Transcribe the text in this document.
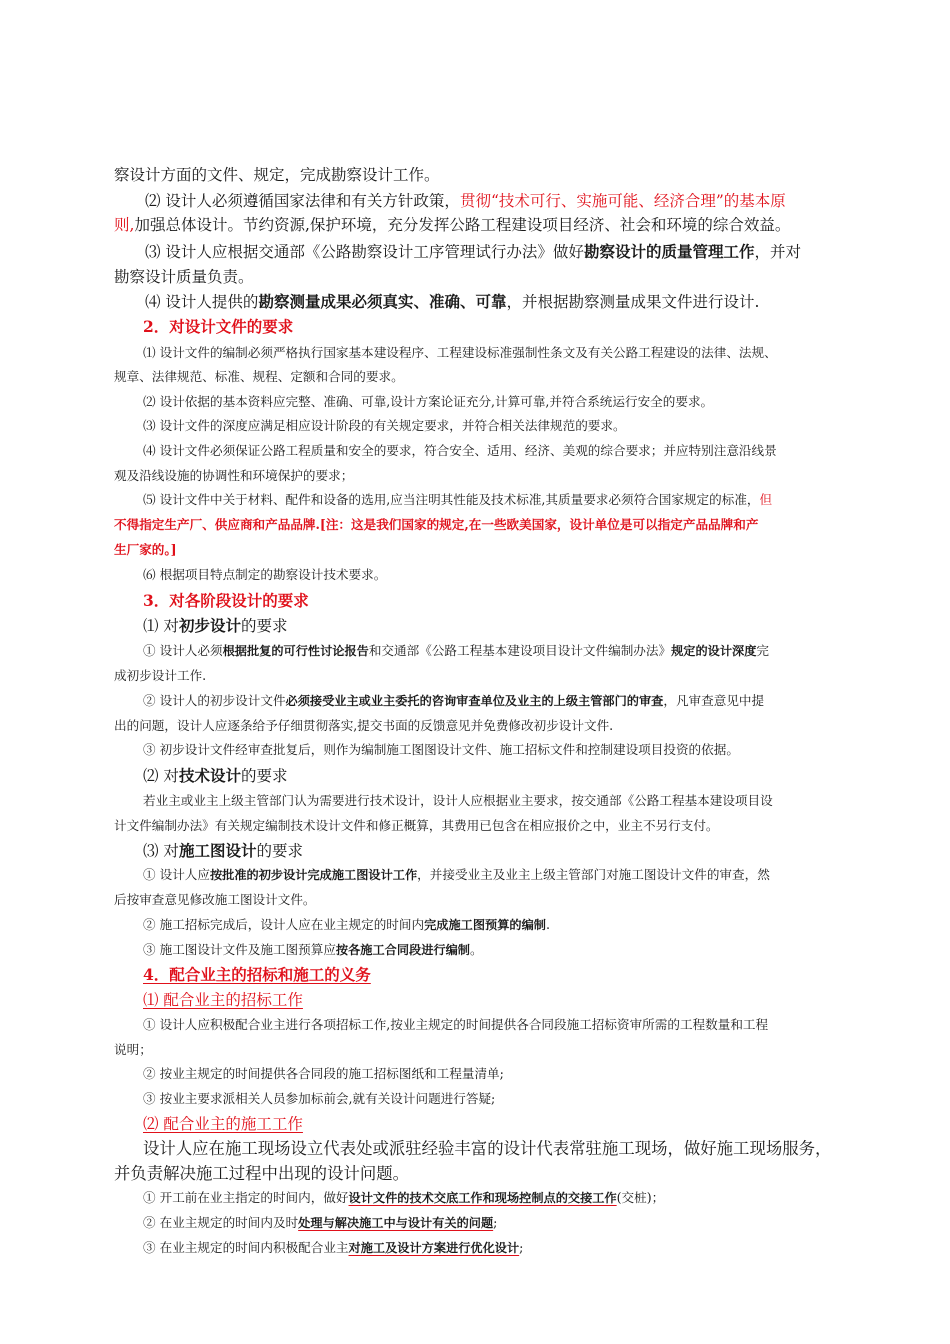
察设计方面的文件、规定，完成勘察设计工作。
⑵ 设计人必须遵循国家法律和有关方针政策，贯彻“技术可行、实施可能、经济合理”的基本原
则,加强总体设计。节约资源,保护环境，充分发挥公路工程建设项目经济、社会和环境的综合效益。
⑶ 设计人应根据交通部《公路勘察设计工序管理试行办法》做好勘察设计的质量管理工作，并对
勘察设计质量负责。
⑷ 设计人提供的勘察测量成果必须真实、准确、可靠，并根据勘察测量成果文件进行设计.
2．对设计文件的要求
⑴ 设计文件的编制必须严格执行国家基本建设程序、工程建设标准强制性条文及有关公路工程建设的法律、法规、
规章、法律规范、标准、规程、定额和合同的要求。
⑵ 设计依据的基本资料应完整、准确、可靠,设计方案论证充分,计算可靠,并符合系统运行安全的要求。
⑶ 设计文件的深度应满足相应设计阶段的有关规定要求，并符合相关法律规范的要求。
⑷ 设计文件必须保证公路工程质量和安全的要求，符合安全、适用、经济、美观的综合要求；并应特别注意沿线景
观及沿线设施的协调性和环境保护的要求；
⑸ 设计文件中关于材料、配件和设备的选用,应当注明其性能及技术标准,其质量要求必须符合国家规定的标准，但
不得指定生产厂、供应商和产品品牌.[注：这是我们国家的规定,在一些欧美国家，设计单位是可以指定产品品牌和产
生厂家的。]
⑹ 根据项目特点制定的勘察设计技术要求。
3．对各阶段设计的要求
⑴ 对初步设计的要求
① 设计人必须根据批复的可行性讨论报告和交通部《公路工程基本建设项目设计文件编制办法》规定的设计深度完
成初步设计工作.
② 设计人的初步设计文件必须接受业主或业主委托的咨询审查单位及业主的上级主管部门的审查，凡审查意见中提
出的问题，设计人应逐条给予仔细贯彻落实,提交书面的反馈意见并免费修改初步设计文件.
③ 初步设计文件经审查批复后，则作为编制施工图图设计文件、施工招标文件和控制建设项目投资的依据。
⑵ 对技术设计的要求
若业主或业主上级主管部门认为需要进行技术设计，设计人应根据业主要求，按交通部《公路工程基本建设项目设
计文件编制办法》有关规定编制技术设计文件和修正概算，其费用已包含在相应报价之中，业主不另行支付。
⑶ 对施工图设计的要求
① 设计人应按批准的初步设计完成施工图设计工作，并接受业主及业主上级主管部门对施工图设计文件的审查，然
后按审查意见修改施工图设计文件。
② 施工招标完成后，设计人应在业主规定的时间内完成施工图预算的编制.
③ 施工图设计文件及施工图预算应按各施工合同段进行编制。
4．配合业主的招标和施工的义务
⑴ 配合业主的招标工作
① 设计人应积极配合业主进行各项招标工作,按业主规定的时间提供各合同段施工招标资审所需的工程数量和工程
说明；
② 按业主规定的时间提供各合同段的施工招标图纸和工程量清单;
③ 按业主要求派相关人员参加标前会,就有关设计问题进行答疑;
⑵ 配合业主的施工工作
设计人应在施工现场设立代表处或派驻经验丰富的设计代表常驻施工现场，做好施工现场服务，
并负责解决施工过程中出现的设计问题。
① 开工前在业主指定的时间内，做好设计文件的技术交底工作和现场控制点的交接工作(交桩)；
② 在业主规定的时间内及时处理与解决施工中与设计有关的问题;
③ 在业主规定的时间内积极配合业主对施工及设计方案进行优化设计;
